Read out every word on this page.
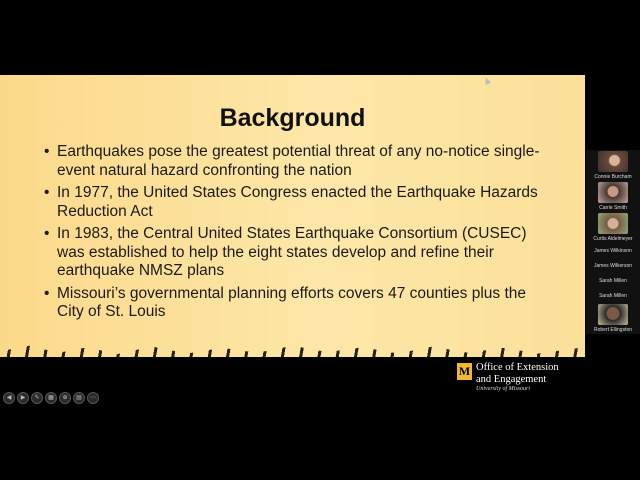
Background
• Earthquakes pose the greatest potential threat of any no-notice single-event natural hazard confronting the nation
• In 1977, the United States Congress enacted the Earthquake Hazards Reduction Act
• In 1983, the Central United States Earthquake Consortium (CUSEC) was established to help the eight states develop and refine their earthquake NMSZ plans
• Missouri’s governmental planning efforts covers 47 counties plus the City of St. Louis
M Office of Extension
and Engagement
University of Missouri
◀	▶	✎	▦	⊕	▤	⋯
Connie Burcham
Carrie Smith
Curtis Aldelmeyer
James Wilkinson
James Wilkerson
Sarah Millen
Sarah Millen
Robert Ellingston
